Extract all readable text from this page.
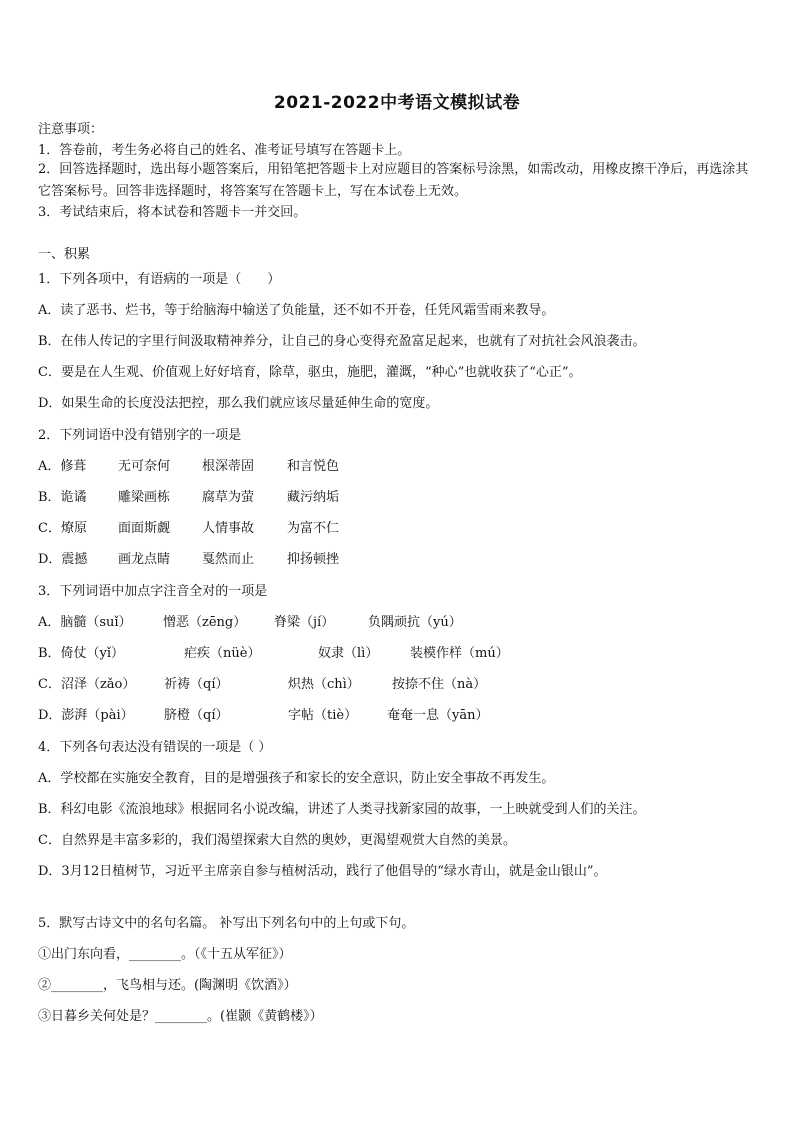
2021-2022中考语文模拟试卷
注意事项：
1．答卷前，考生务必将自己的姓名、准考证号填写在答题卡上。
2．回答选择题时，选出每小题答案后，用铅笔把答题卡上对应题目的答案标号涂黑，如需改动，用橡皮擦干净后，再选涂其它答案标号。回答非选择题时，将答案写在答题卡上，写在本试卷上无效。
3．考试结束后，将本试卷和答题卡一并交回。
一、积累
1．下列各项中，有语病的一项是（　　）
A．读了恶书、烂书，等于给脑海中输送了负能量，还不如不开卷，任凭风霜雪雨来教导。
B．在伟人传记的字里行间汲取精神养分，让自己的身心变得充盈富足起来，也就有了对抗社会风浪袭击。
C．要是在人生观、价值观上好好培育，除草，驱虫，施肥，灌溉，“种心”也就收获了“心正”。
D．如果生命的长度没法把控，那么我们就应该尽量延伸生命的宽度。
2．下列词语中没有错别字的一项是
A．修葺 无可奈何 根深蒂固	和言悦色
B．诡谲 雕梁画栋 腐草为萤	藏污纳垢
C．燎原 面面斯觑 人情事故	为富不仁
D．震撼 画龙点睛 戛然而止	抑扬顿挫
3．下列词语中加点字注音全对的一项是
A．脑髓（suǐ） 憎恶（zēng） 脊梁（jí）	负隅顽抗（yú）
B．倚仗（yǐ）	疟疾（nüè）	奴隶（lì） 装模作样（mú）
C．沼泽（zǎo） 祈祷（qí）	炽热（chì） 按捺不住（nà）
D．澎湃（pài） 脐橙（qí）	字帖（tiè） 奄奄一息（yān）
4．下列各句表达没有错误的一项是（ ）
A．学校都在实施安全教育，目的是增强孩子和家长的安全意识，防止安全事故不再发生。
B．科幻电影《流浪地球》根据同名小说改编，讲述了人类寻找新家园的故事，一上映就受到人们的关注。
C．自然界是丰富多彩的，我们渴望探索大自然的奥妙，更渴望观赏大自然的美景。
D．3月12日植树节，习近平主席亲自参与植树活动，践行了他倡导的“绿水青山，就是金山银山”。
5．默写古诗文中的名句名篇。 补写出下列名句中的上句或下句。
①出门东向看，________。（《十五从军征》）
②________，飞鸟相与还。(陶渊明《饮酒》）
③日暮乡关何处是？________。(崔颢《黄鹤楼》）
